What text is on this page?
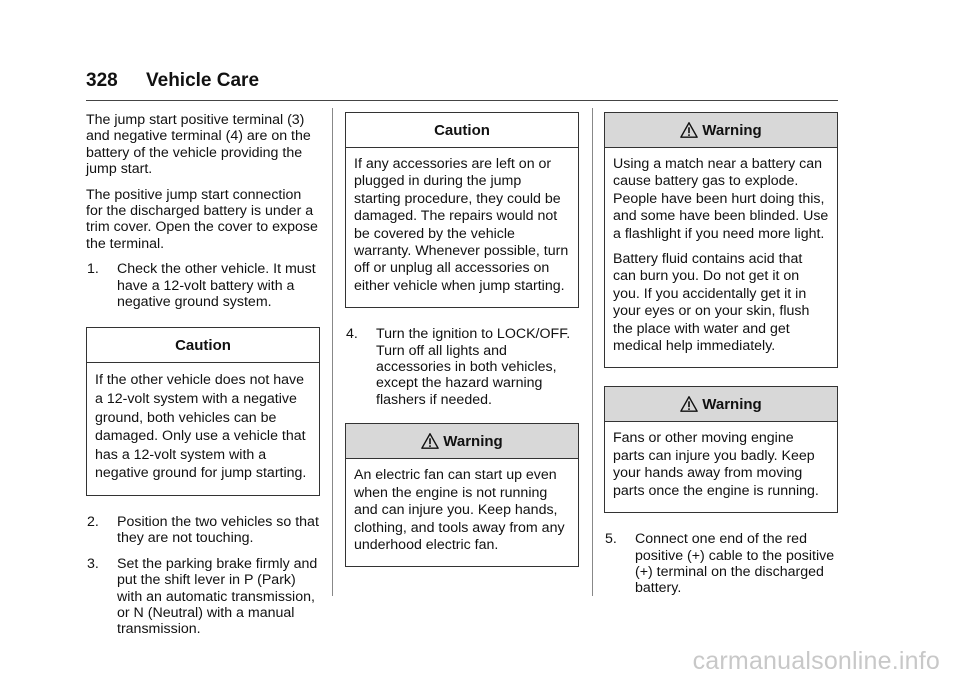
328 Vehicle Care

The jump start positive terminal (3) and negative terminal (4) are on the battery of the vehicle providing the jump start.

The positive jump start connection for the discharged battery is under a trim cover. Open the cover to expose the terminal.

1.	Check the other vehicle. It must have a 12-volt battery with a negative ground system.
Caution

If the other vehicle does not have a 12-volt system with a negative ground, both vehicles can be damaged. Only use a vehicle that has a 12-volt system with a negative ground for jump starting.

2.	Position the two vehicles so that they are not touching.
3.	Set the parking brake firmly and put the shift lever in P (Park) with an automatic transmission, or N (Neutral) with a manual transmission.
Caution

If any accessories are left on or plugged in during the jump starting procedure, they could be damaged. The repairs would not be covered by the vehicle warranty. Whenever possible, turn off or unplug all accessories on either vehicle when jump starting.

4.	Turn the ignition to LOCK/OFF. Turn off all lights and accessories in both vehicles, except the hazard warning flashers if needed.
Warning

An electric fan can start up even when the engine is not running and can injure you. Keep hands, clothing, and tools away from any underhood electric fan.

Warning

Using a match near a battery can cause battery gas to explode. People have been hurt doing this, and some have been blinded. Use a flashlight if you need more light.

Battery fluid contains acid that can burn you. Do not get it on you. If you accidentally get it in your eyes or on your skin, flush the place with water and get medical help immediately.

Warning

Fans or other moving engine parts can injure you badly. Keep your hands away from moving parts once the engine is running.

5.	Connect one end of the red positive (+) cable to the positive (+) terminal on the discharged battery.
carmanualsonline.info
